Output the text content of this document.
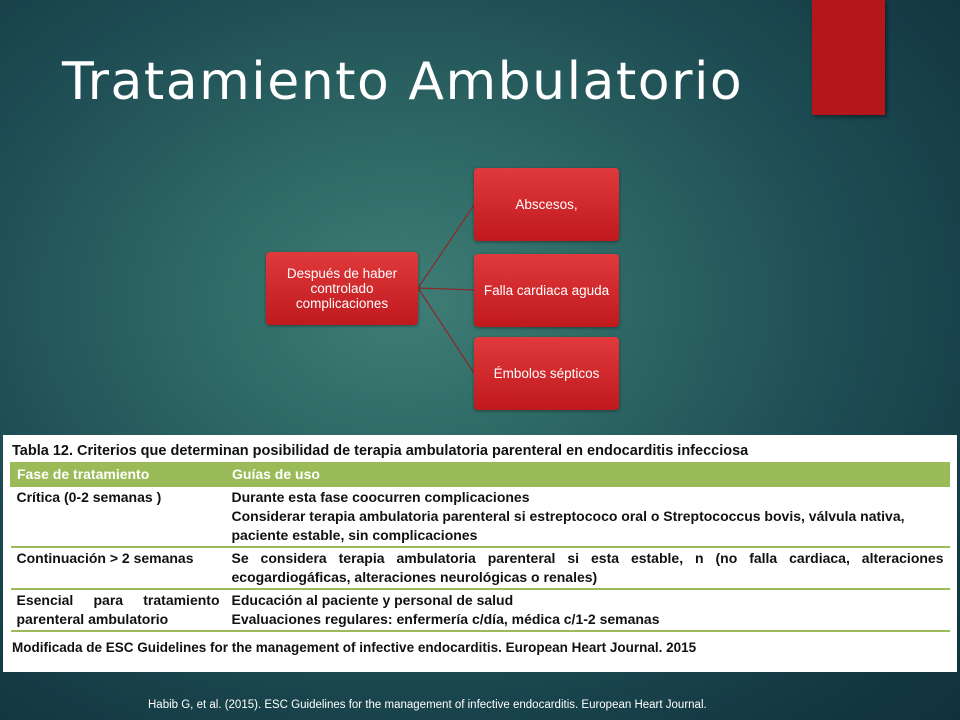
Tratamiento Ambulatorio
Después de haber controlado complicaciones
Abscesos,
Falla cardiaca aguda
Émbolos sépticos
Tabla 12. Criterios que determinan posibilidad de terapia ambulatoria parenteral en endocarditis infecciosa
Fase de tratamiento	Guías de uso
Crítica (0-2 semanas )	Durante esta fase coocurren complicaciones
Considerar terapia ambulatoria parenteral si estreptococo oral o Streptococcus bovis, válvula nativa, paciente estable, sin complicaciones

Continuación > 2 semanas	Se considera terapia ambulatoria parenteral si esta estable, n (no falla cardiaca, alteraciones ecogardiogáficas, alteraciones neurológicas o renales)

Esencial para tratamiento parenteral ambulatorio	Educación al paciente y personal de salud
Evaluaciones regulares: enfermería c/día, médica c/1-2 semanas
Modificada de ESC Guidelines for the management of infective endocarditis. European Heart Journal. 2015
Habib G, et al. (2015). ESC Guidelines for the management of infective endocarditis. European Heart Journal.
